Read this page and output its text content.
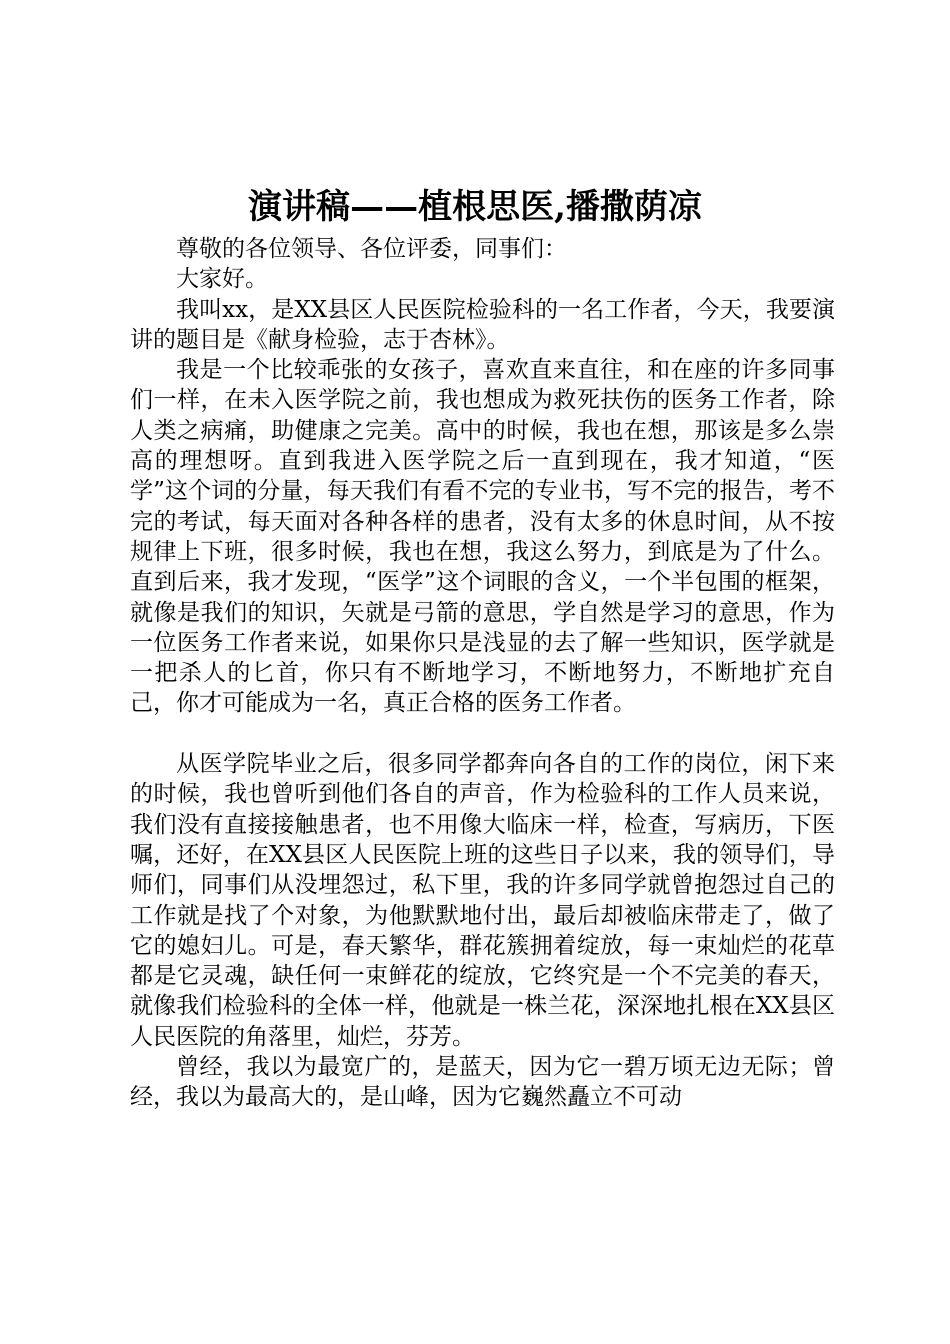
演讲稿——植根思医,播撒荫凉

尊敬的各位领导、各位评委，同事们：

大家好。

我叫xx，是XX县区人民医院检验科的一名工作者，今天，我要演讲的题目是《献身检验，志于杏林》。

我是一个比较乖张的女孩子，喜欢直来直往，和在座的许多同事们一样，在未入医学院之前，我也想成为救死扶伤的医务工作者，除人类之病痛，助健康之完美。高中的时候，我也在想，那该是多么崇高的理想呀。直到我进入医学院之后一直到现在，我才知道，“医学”这个词的分量，每天我们有看不完的专业书，写不完的报告，考不完的考试，每天面对各种各样的患者，没有太多的休息时间，从不按规律上下班，很多时候，我也在想，我这么努力，到底是为了什么。直到后来，我才发现，“医学”这个词眼的含义，一个半包围的框架，就像是我们的知识，矢就是弓箭的意思，学自然是学习的意思，作为一位医务工作者来说，如果你只是浅显的去了解一些知识，医学就是一把杀人的匕首，你只有不断地学习，不断地努力，不断地扩充自己，你才可能成为一名，真正合格的医务工作者。

从医学院毕业之后，很多同学都奔向各自的工作的岗位，闲下来的时候，我也曾听到他们各自的声音，作为检验科的工作人员来说，我们没有直接接触患者，也不用像大临床一样，检查，写病历，下医嘱，还好，在XX县区人民医院上班的这些日子以来，我的领导们，导师们，同事们从没埋怨过，私下里，我的许多同学就曾抱怨过自己的工作就是找了个对象，为他默默地付出，最后却被临床带走了，做了它的媳妇儿。可是，春天繁华，群花簇拥着绽放，每一束灿烂的花草都是它灵魂，缺任何一束鲜花的绽放，它终究是一个不完美的春天，就像我们检验科的全体一样，他就是一株兰花，深深地扎根在XX县区人民医院的角落里，灿烂，芬芳。

曾经，我以为最宽广的，是蓝天，因为它一碧万顷无边无际；曾经，我以为最高大的，是山峰，因为它巍然矗立不可动
